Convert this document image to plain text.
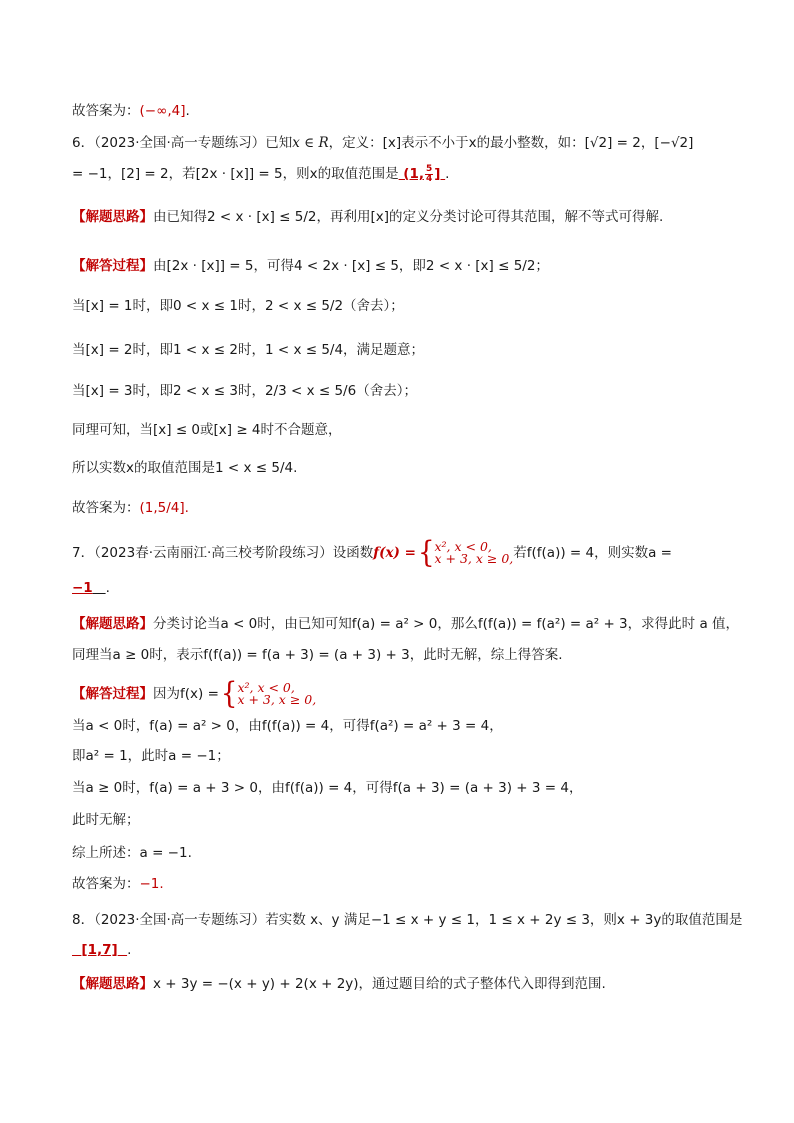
故答案为：(−∞,4].
6．（2023·全国·高一专题练习）已知x ∈ R，定义：[x]表示不小于x的最小整数，如：[√2] = 2，[−√2]
= −1，[2] = 2，若[2x · [x]] = 5，则x的取值范围是 (1, $\frac{5}{4}$ ] .
【解题思路】由已知得2 < x · [x] ≤ 5/2，再利用[x]的定义分类讨论可得其范围，解不等式可得解.
【解答过程】由[2x · [x]] = 5，可得4 < 2x · [x] ≤ 5，即2 < x · [x] ≤ 5/2；
当[x] = 1时，即0 < x ≤ 1时，2 < x ≤ 5/2（舍去）；
当[x] = 2时，即1 < x ≤ 2时，1 < x ≤ 5/4，满足题意；
当[x] = 3时，即2 < x ≤ 3时，2/3 < x ≤ 5/6（舍去）；
同理可知，当[x] ≤ 0或[x] ≥ 4时不合题意，
所以实数x的取值范围是1 < x ≤ 5/4.
故答案为：(1,5/4].
7．（2023春·云南丽江·高三校考阶段练习）设函数f(x) ={ x², x < 0,
x + 3, x ≥ 0, 若f(f(a)) = 4，则实数a =
−1 .
【解题思路】分类讨论当a < 0时，由已知可知f(a) = a² > 0，那么f(f(a)) = f(a²) = a² + 3，求得此时 a 值，
同理当a ≥ 0时，表示f(f(a)) = f(a + 3) = (a + 3) + 3，此时无解，综上得答案.
【解答过程】因为f(x) ={ x², x < 0,
x + 3, x ≥ 0,
当a < 0时，f(a) = a² > 0，由f(f(a)) = 4，可得f(a²) = a² + 3 = 4，
即a² = 1，此时a = −1；
当a ≥ 0时，f(a) = a + 3 > 0，由f(f(a)) = 4，可得f(a + 3) = (a + 3) + 3 = 4，
此时无解；
综上所述：a = −1.
故答案为：−1.
8．（2023·全国·高一专题练习）若实数 x、y 满足−1 ≤ x + y ≤ 1，1 ≤ x + 2y ≤ 3，则x + 3y的取值范围是
[1,7] .
【解题思路】x + 3y = −(x + y) + 2(x + 2y)，通过题目给的式子整体代入即得到范围.
